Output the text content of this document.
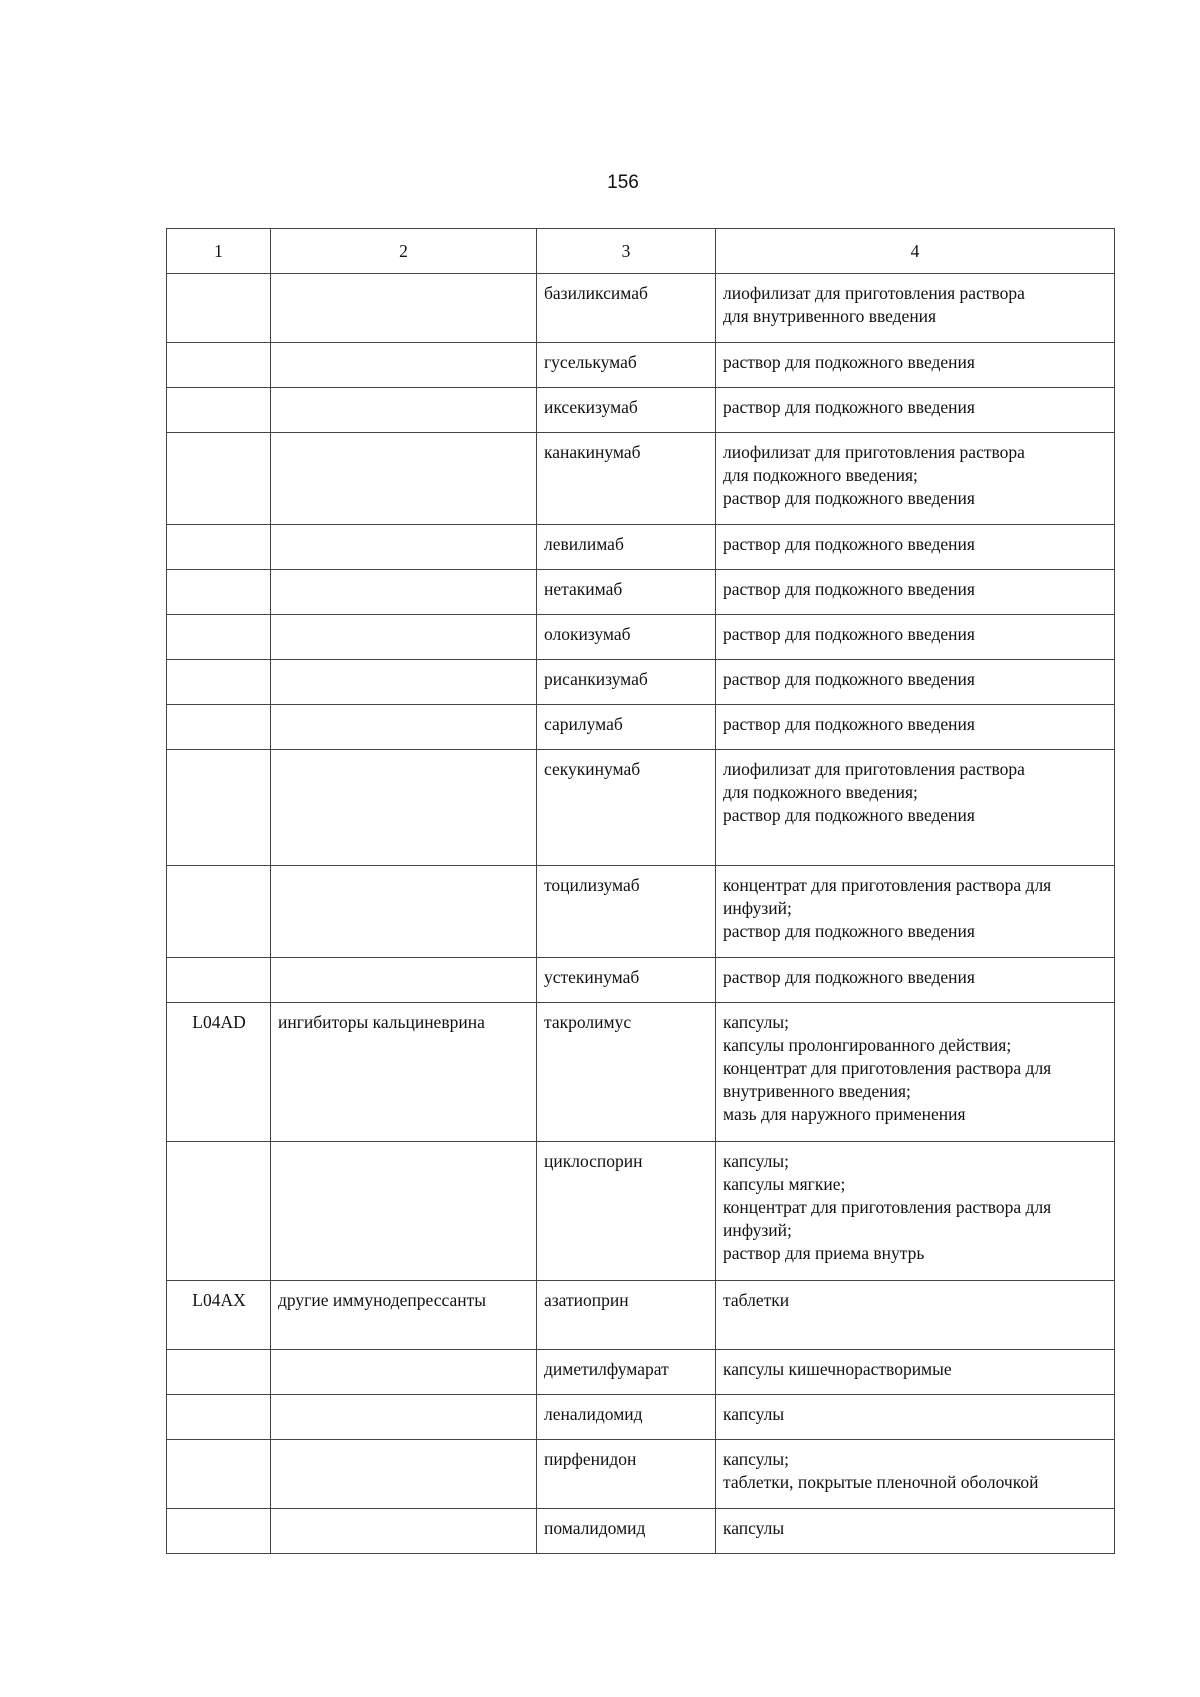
156
1	2	3	4
		базиликсимаб	лиофилизат для приготовления раствора
для внутривенного введения

		гуселькумаб	раствор для подкожного введения

		иксекизумаб	раствор для подкожного введения

		канакинумаб	лиофилизат для приготовления раствора
для подкожного введения;
раствор для подкожного введения

		левилимаб	раствор для подкожного введения

		нетакимаб	раствор для подкожного введения

		олокизумаб	раствор для подкожного введения

		рисанкизумаб	раствор для подкожного введения

		сарилумаб	раствор для подкожного введения

		секукинумаб	лиофилизат для приготовления раствора
для подкожного введения;
раствор для подкожного введения

		тоцилизумаб	концентрат для приготовления раствора для
инфузий;
раствор для подкожного введения

		устекинумаб	раствор для подкожного введения

L04AD	ингибиторы кальциневрина	такролимус	капсулы;
капсулы пролонгированного действия;
концентрат для приготовления раствора для
внутривенного введения;
мазь для наружного применения

		циклоспорин	капсулы;
капсулы мягкие;
концентрат для приготовления раствора для
инфузий;
раствор для приема внутрь

L04AX	другие иммунодепрессанты	азатиоприн	таблетки

		диметилфумарат	капсулы кишечнорастворимые

		леналидомид	капсулы

		пирфенидон	капсулы;
таблетки, покрытые пленочной оболочкой

		помалидомид	капсулы
